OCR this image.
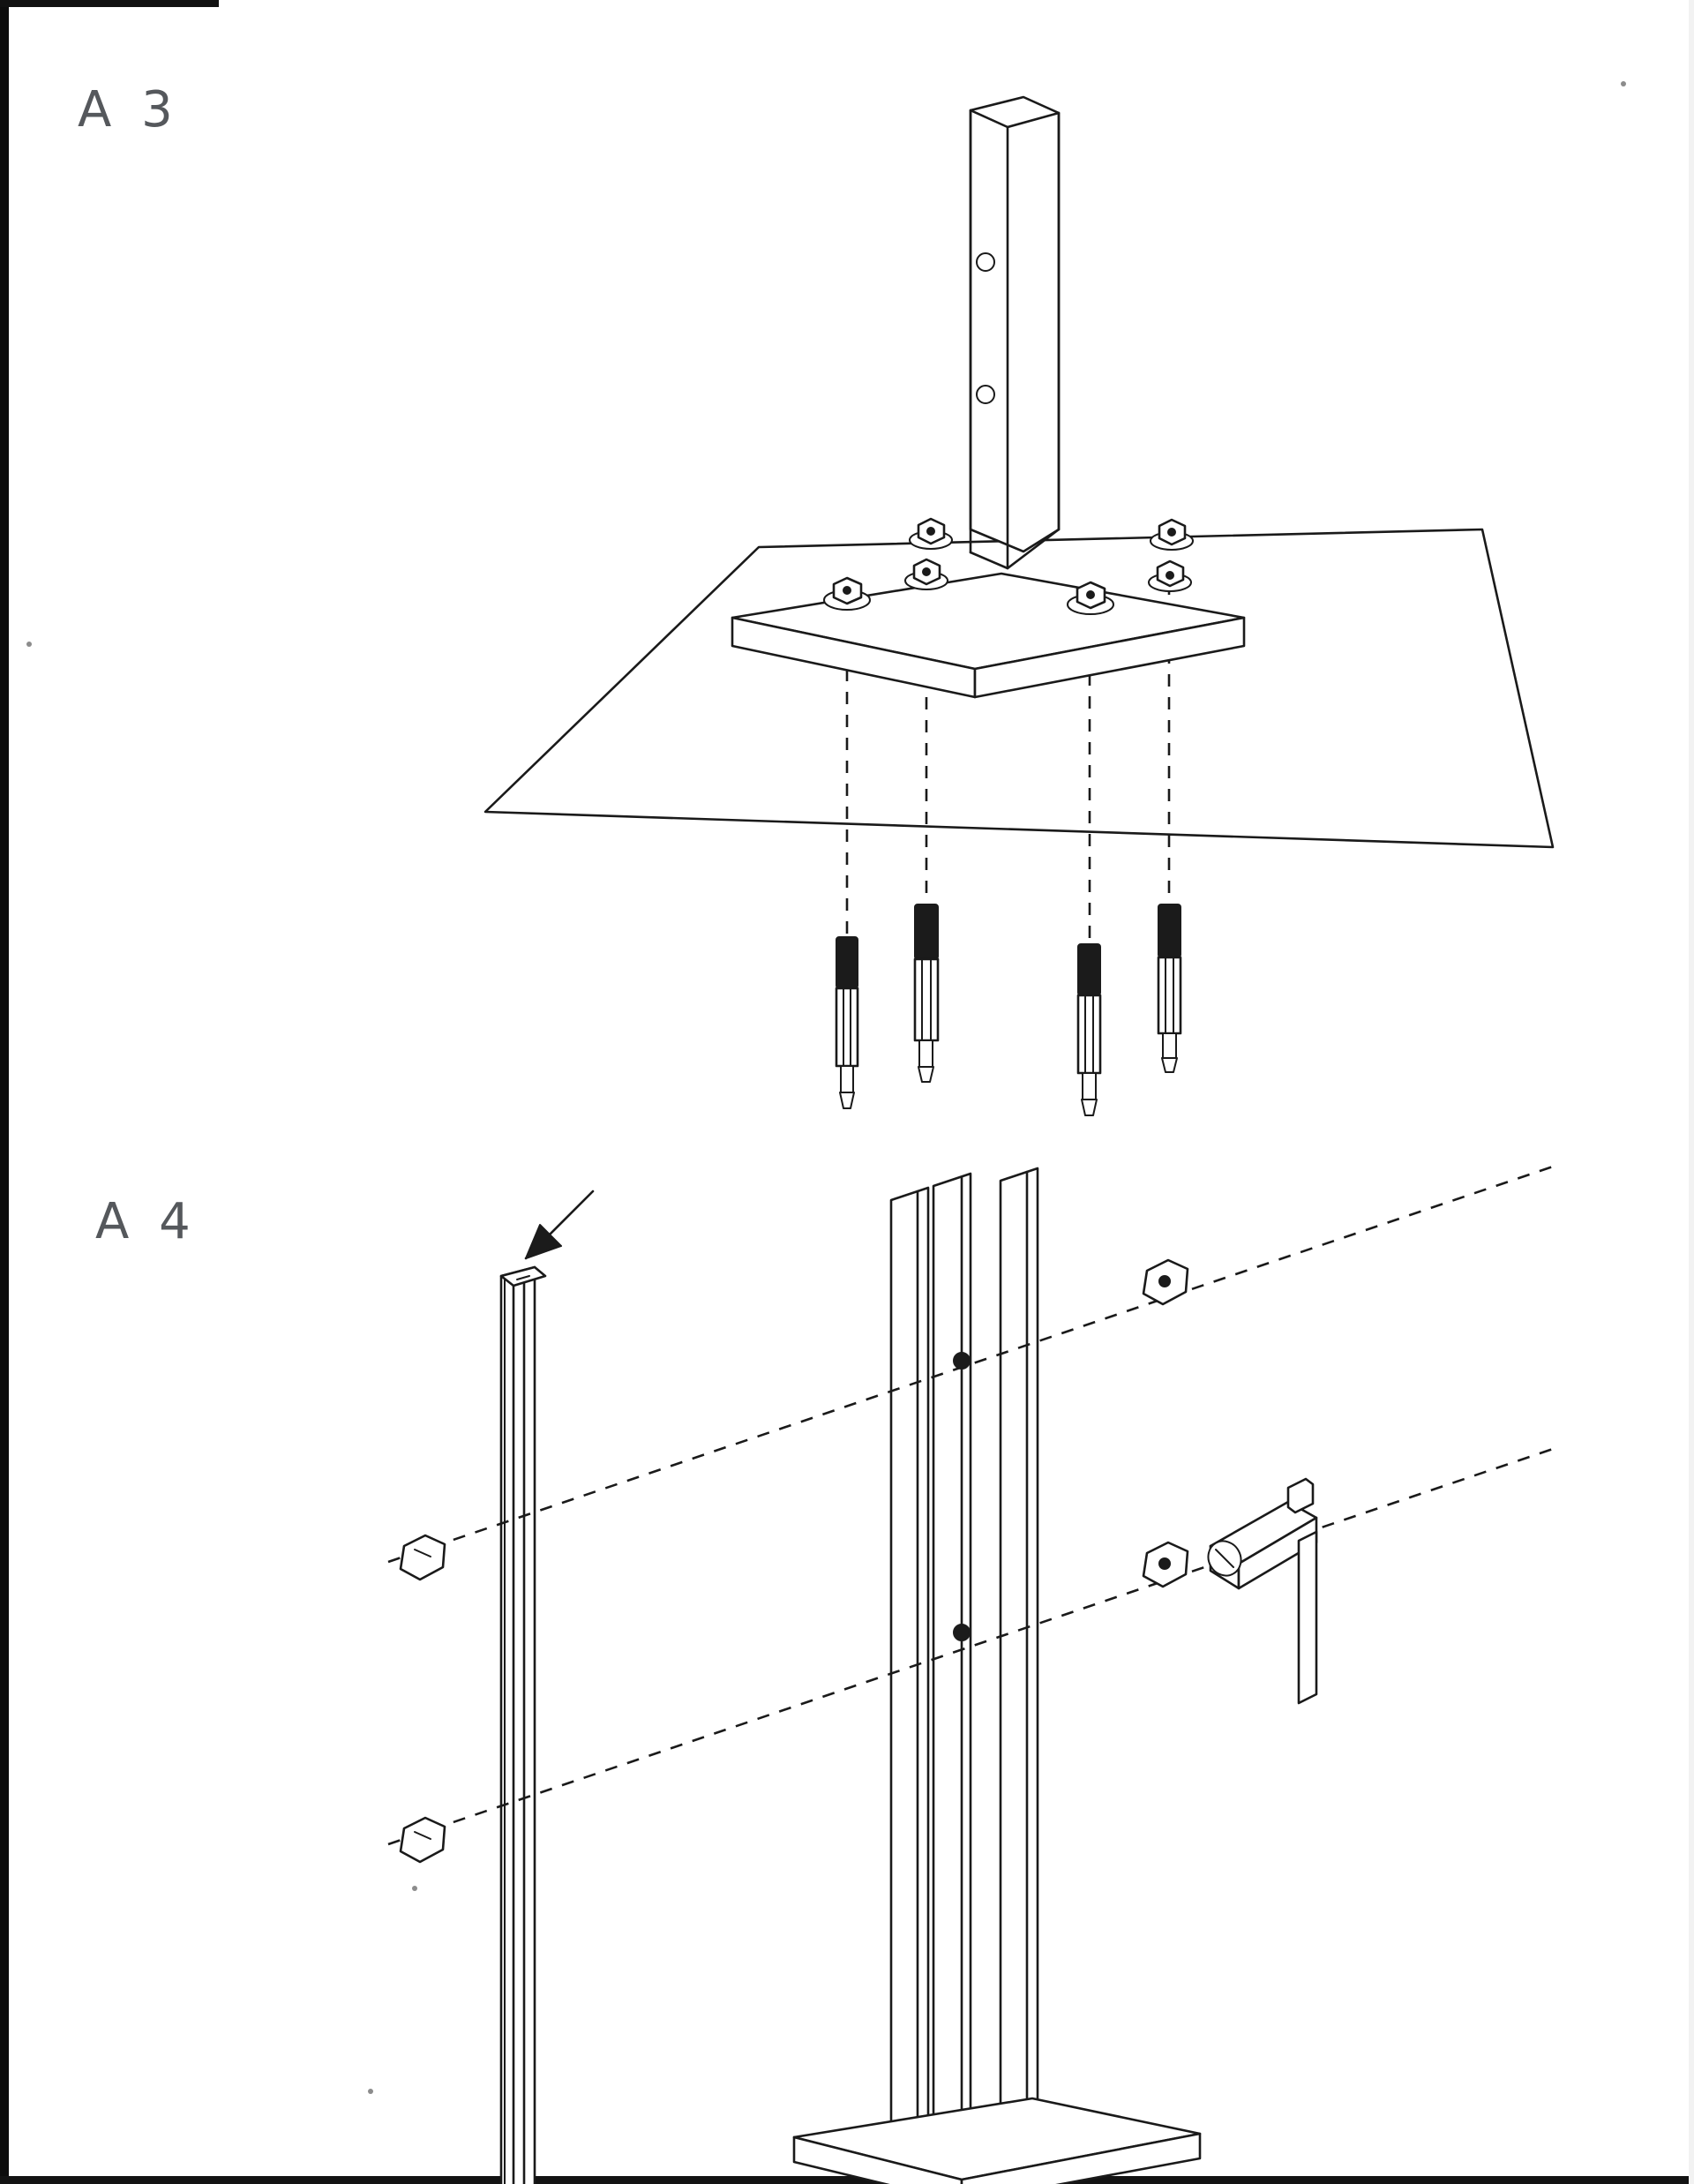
A 3
A 4
